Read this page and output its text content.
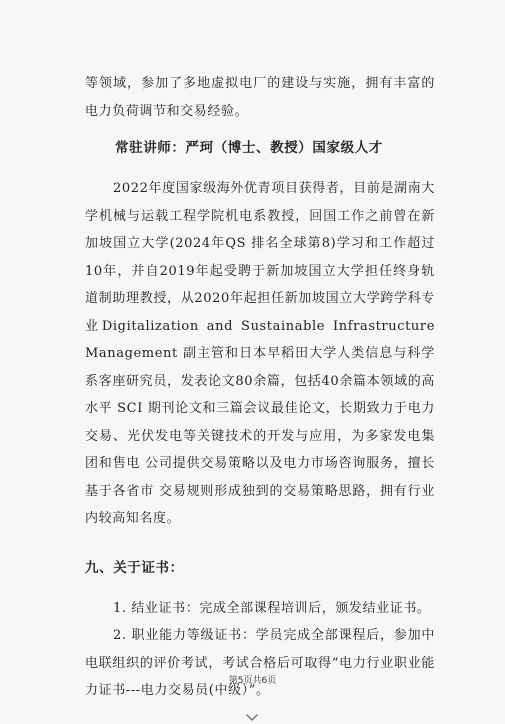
等领域，参加了多地虚拟电厂的建设与实施，拥有丰富的电力负荷调节和交易经验。

常驻讲师：严珂（博士、教授）国家级人才

2022年度国家级海外优青项目获得者，目前是湖南大学机械与运载工程学院机电系教授，回国工作之前曾在新加坡国立大学(2024年QS 排名全球第8)学习和工作超过10年，并自2019年起受聘于新加坡国立大学担任终身轨道制助理教授，从2020年起担任新加坡国立大学跨学科专业Digitalization and Sustainable Infrastructure Management 副主管和日本早稻田大学人类信息与科学系客座研究员，发表论文80余篇，包括40余篇本领域的高水平 SCI 期刊论文和三篇会议最佳论文，长期致力于电力交易、光伏发电等关键技术的开发与应用，为多家发电集团和售电 公司提供交易策略以及电力市场咨询服务，擅长基于各省市 交易规则形成独到的交易策略思路，拥有行业内较高知名度。

九、关于证书：

1. 结业证书：完成全部课程培训后，颁发结业证书。

2. 职业能力等级证书：学员完成全部课程后，参加中电联组织的评价考试，考试合格后可取得“电力行业职业能力证书---电力交易员(中级）”。

第5页共6页
